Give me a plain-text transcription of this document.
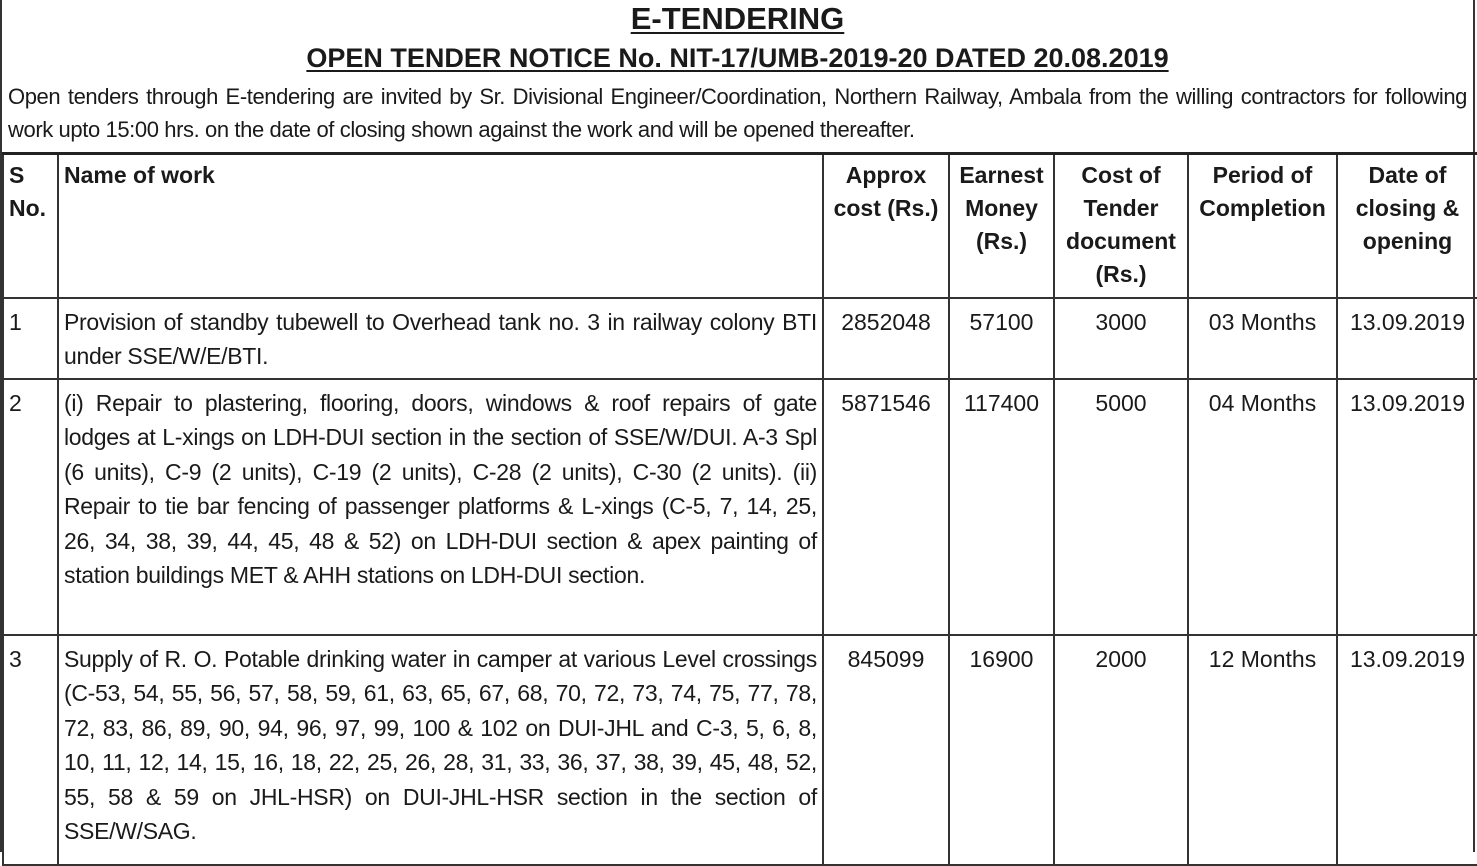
E-TENDERING
OPEN TENDER NOTICE No. NIT-17/UMB-2019-20 DATED 20.08.2019
Open tenders through E-tendering are invited by Sr. Divisional Engineer/Coordination, Northern Railway, Ambala from the willing contractors for following work upto 15:00 hrs. on the date of closing shown against the work and will be opened thereafter.
S No.	Name of work	Approx cost (Rs.)	Earnest Money (Rs.)	Cost of Tender document (Rs.)	Period of Completion	Date of closing & opening
1	Provision of standby tubewell to Overhead tank no. 3 in railway colony BTI under SSE/W/E/BTI.	2852048	57100	3000	03 Months	13.09.2019
2	(i) Repair to plastering, flooring, doors, windows & roof repairs of gate lodges at L-xings on LDH-DUI section in the section of SSE/W/DUI. A-3 Spl (6 units), C-9 (2 units), C-19 (2 units), C-28 (2 units), C-30 (2 units). (ii) Repair to tie bar fencing of passenger platforms & L-xings (C-5, 7, 14, 25, 26, 34, 38, 39, 44, 45, 48 & 52) on LDH-DUI section & apex painting of station buildings MET & AHH stations on LDH-DUI section.	5871546	117400	5000	04 Months	13.09.2019
3	Supply of R. O. Potable drinking water in camper at various Level crossings (C-53, 54, 55, 56, 57, 58, 59, 61, 63, 65, 67, 68, 70, 72, 73, 74, 75, 77, 78, 72, 83, 86, 89, 90, 94, 96, 97, 99, 100 & 102 on DUI-JHL and C-3, 5, 6, 8, 10, 11, 12, 14, 15, 16, 18, 22, 25, 26, 28, 31, 33, 36, 37, 38, 39, 45, 48, 52, 55, 58 & 59 on JHL-HSR) on DUI-JHL-HSR section in the section of SSE/W/SAG.	845099	16900	2000	12 Months	13.09.2019
